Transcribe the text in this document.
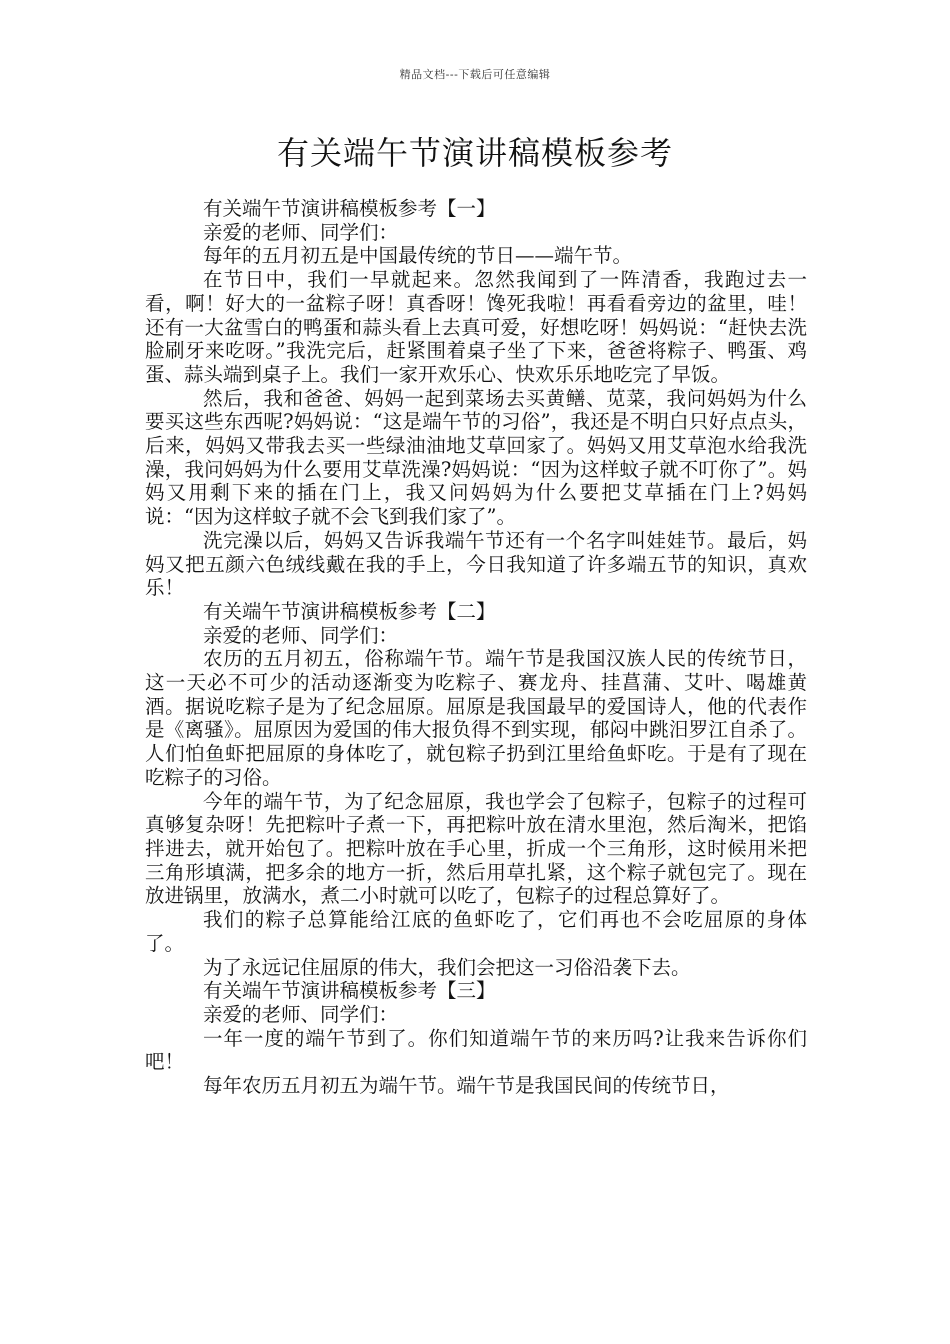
精品文档---下载后可任意编辑
有关端午节演讲稿模板参考

有关端午节演讲稿模板参考【一】

亲爱的老师、同学们：

每年的五月初五是中国最传统的节日——端午节。

在节日中，我们一早就起来。忽然我闻到了一阵清香，我跑过去一看，啊！好大的一盆粽子呀！真香呀！馋死我啦！再看看旁边的盆里，哇！还有一大盆雪白的鸭蛋和蒜头看上去真可爱，好想吃呀！妈妈说：“赶快去洗脸刷牙来吃呀。”我洗完后，赶紧围着桌子坐了下来，爸爸将粽子、鸭蛋、鸡蛋、蒜头端到桌子上。我们一家开欢乐心、快欢乐乐地吃完了早饭。

然后，我和爸爸、妈妈一起到菜场去买黄鳝、苋菜，我问妈妈为什么要买这些东西呢?妈妈说：“这是端午节的习俗”，我还是不明白只好点点头，后来，妈妈又带我去买一些绿油油地艾草回家了。妈妈又用艾草泡水给我洗澡，我问妈妈为什么要用艾草洗澡?妈妈说：“因为这样蚊子就不叮你了”。妈妈又用剩下来的插在门上，我又问妈妈为什么要把艾草插在门上?妈妈说：“因为这样蚊子就不会飞到我们家了”。

洗完澡以后，妈妈又告诉我端午节还有一个名字叫娃娃节。最后，妈妈又把五颜六色绒线戴在我的手上，今日我知道了许多端五节的知识，真欢乐！

有关端午节演讲稿模板参考【二】

亲爱的老师、同学们：

农历的五月初五，俗称端午节。端午节是我国汉族人民的传统节日，这一天必不可少的活动逐渐变为吃粽子、赛龙舟、挂菖蒲、艾叶、喝雄黄酒。据说吃粽子是为了纪念屈原。屈原是我国最早的爱国诗人，他的代表作是《离骚》。屈原因为爱国的伟大报负得不到实现，郁闷中跳汨罗江自杀了。人们怕鱼虾把屈原的身体吃了，就包粽子扔到江里给鱼虾吃。于是有了现在吃粽子的习俗。

今年的端午节，为了纪念屈原，我也学会了包粽子，包粽子的过程可真够复杂呀！先把粽叶子煮一下，再把粽叶放在清水里泡，然后淘米，把馅拌进去，就开始包了。把粽叶放在手心里，折成一个三角形，这时候用米把三角形填满，把多余的地方一折，然后用草扎紧，这个粽子就包完了。现在放进锅里，放满水，煮二小时就可以吃了，包粽子的过程总算好了。

我们的粽子总算能给江底的鱼虾吃了，它们再也不会吃屈原的身体了。

为了永远记住屈原的伟大，我们会把这一习俗沿袭下去。

有关端午节演讲稿模板参考【三】

亲爱的老师、同学们：

一年一度的端午节到了。你们知道端午节的来历吗?让我来告诉你们吧！

每年农历五月初五为端午节。端午节是我国民间的传统节日，
